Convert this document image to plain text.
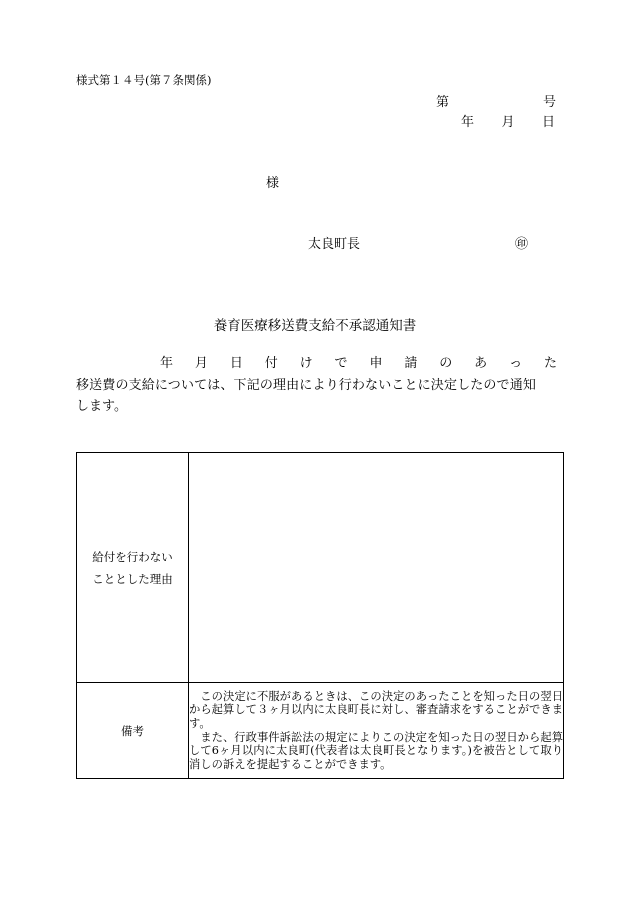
様式第１４号(第７条関係)
第	号
年 月 日
様
太良町長	㊞
養育医療移送費支給不承認通知書
年 月 日 付 け で 申 請 の あ っ た
移送費の支給については、下記の理由により行わないことに決定したので通知
します。
給付を行わない
こととした理由	

備考	この決定に不服があるときは、この決定のあったことを知った日の翌日から起算して３ヶ月以内に太良町長に対し、審査請求をすることができます。

また、行政事件訴訟法の規定によりこの決定を知った日の翌日から起算して6ヶ月以内に太良町(代表者は太良町長となります。)を被告として取り消しの訴えを提起することができます。
